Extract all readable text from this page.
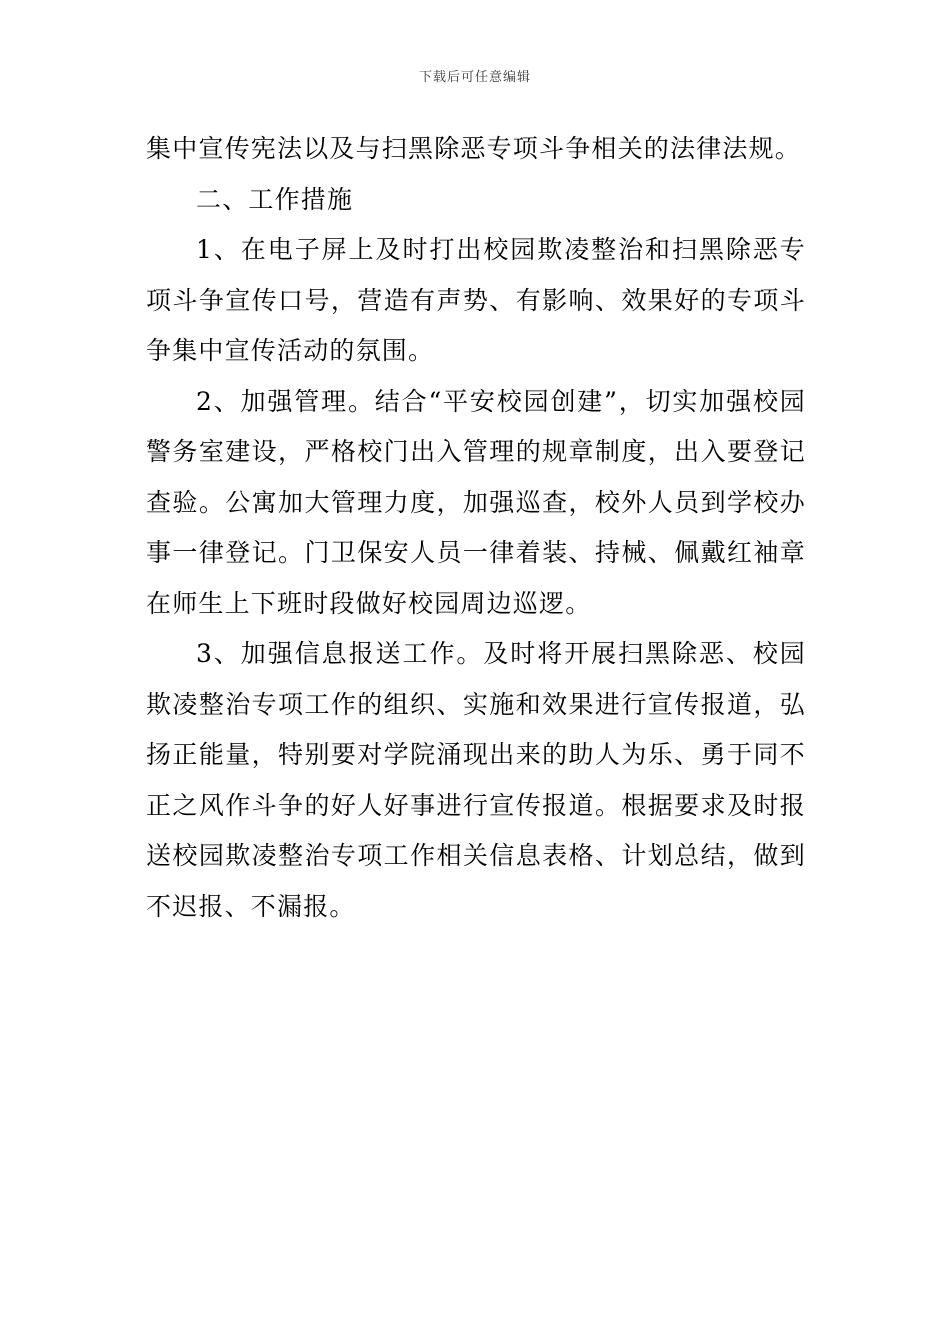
下载后可任意编辑

集中宣传宪法以及与扫黑除恶专项斗争相关的法律法规。

二、工作措施

1、在电子屏上及时打出校园欺凌整治和扫黑除恶专项斗争宣传口号，营造有声势、有影响、效果好的专项斗争集中宣传活动的氛围。

2、加强管理。结合“平安校园创建”，切实加强校园警务室建设，严格校门出入管理的规章制度，出入要登记查验。公寓加大管理力度，加强巡查，校外人员到学校办事一律登记。门卫保安人员一律着装、持械、佩戴红袖章在师生上下班时段做好校园周边巡逻。

3、加强信息报送工作。及时将开展扫黑除恶、校园欺凌整治专项工作的组织、实施和效果进行宣传报道，弘扬正能量，特别要对学院涌现出来的助人为乐、勇于同不正之风作斗争的好人好事进行宣传报道。根据要求及时报送校园欺凌整治专项工作相关信息表格、计划总结，做到不迟报、不漏报。
